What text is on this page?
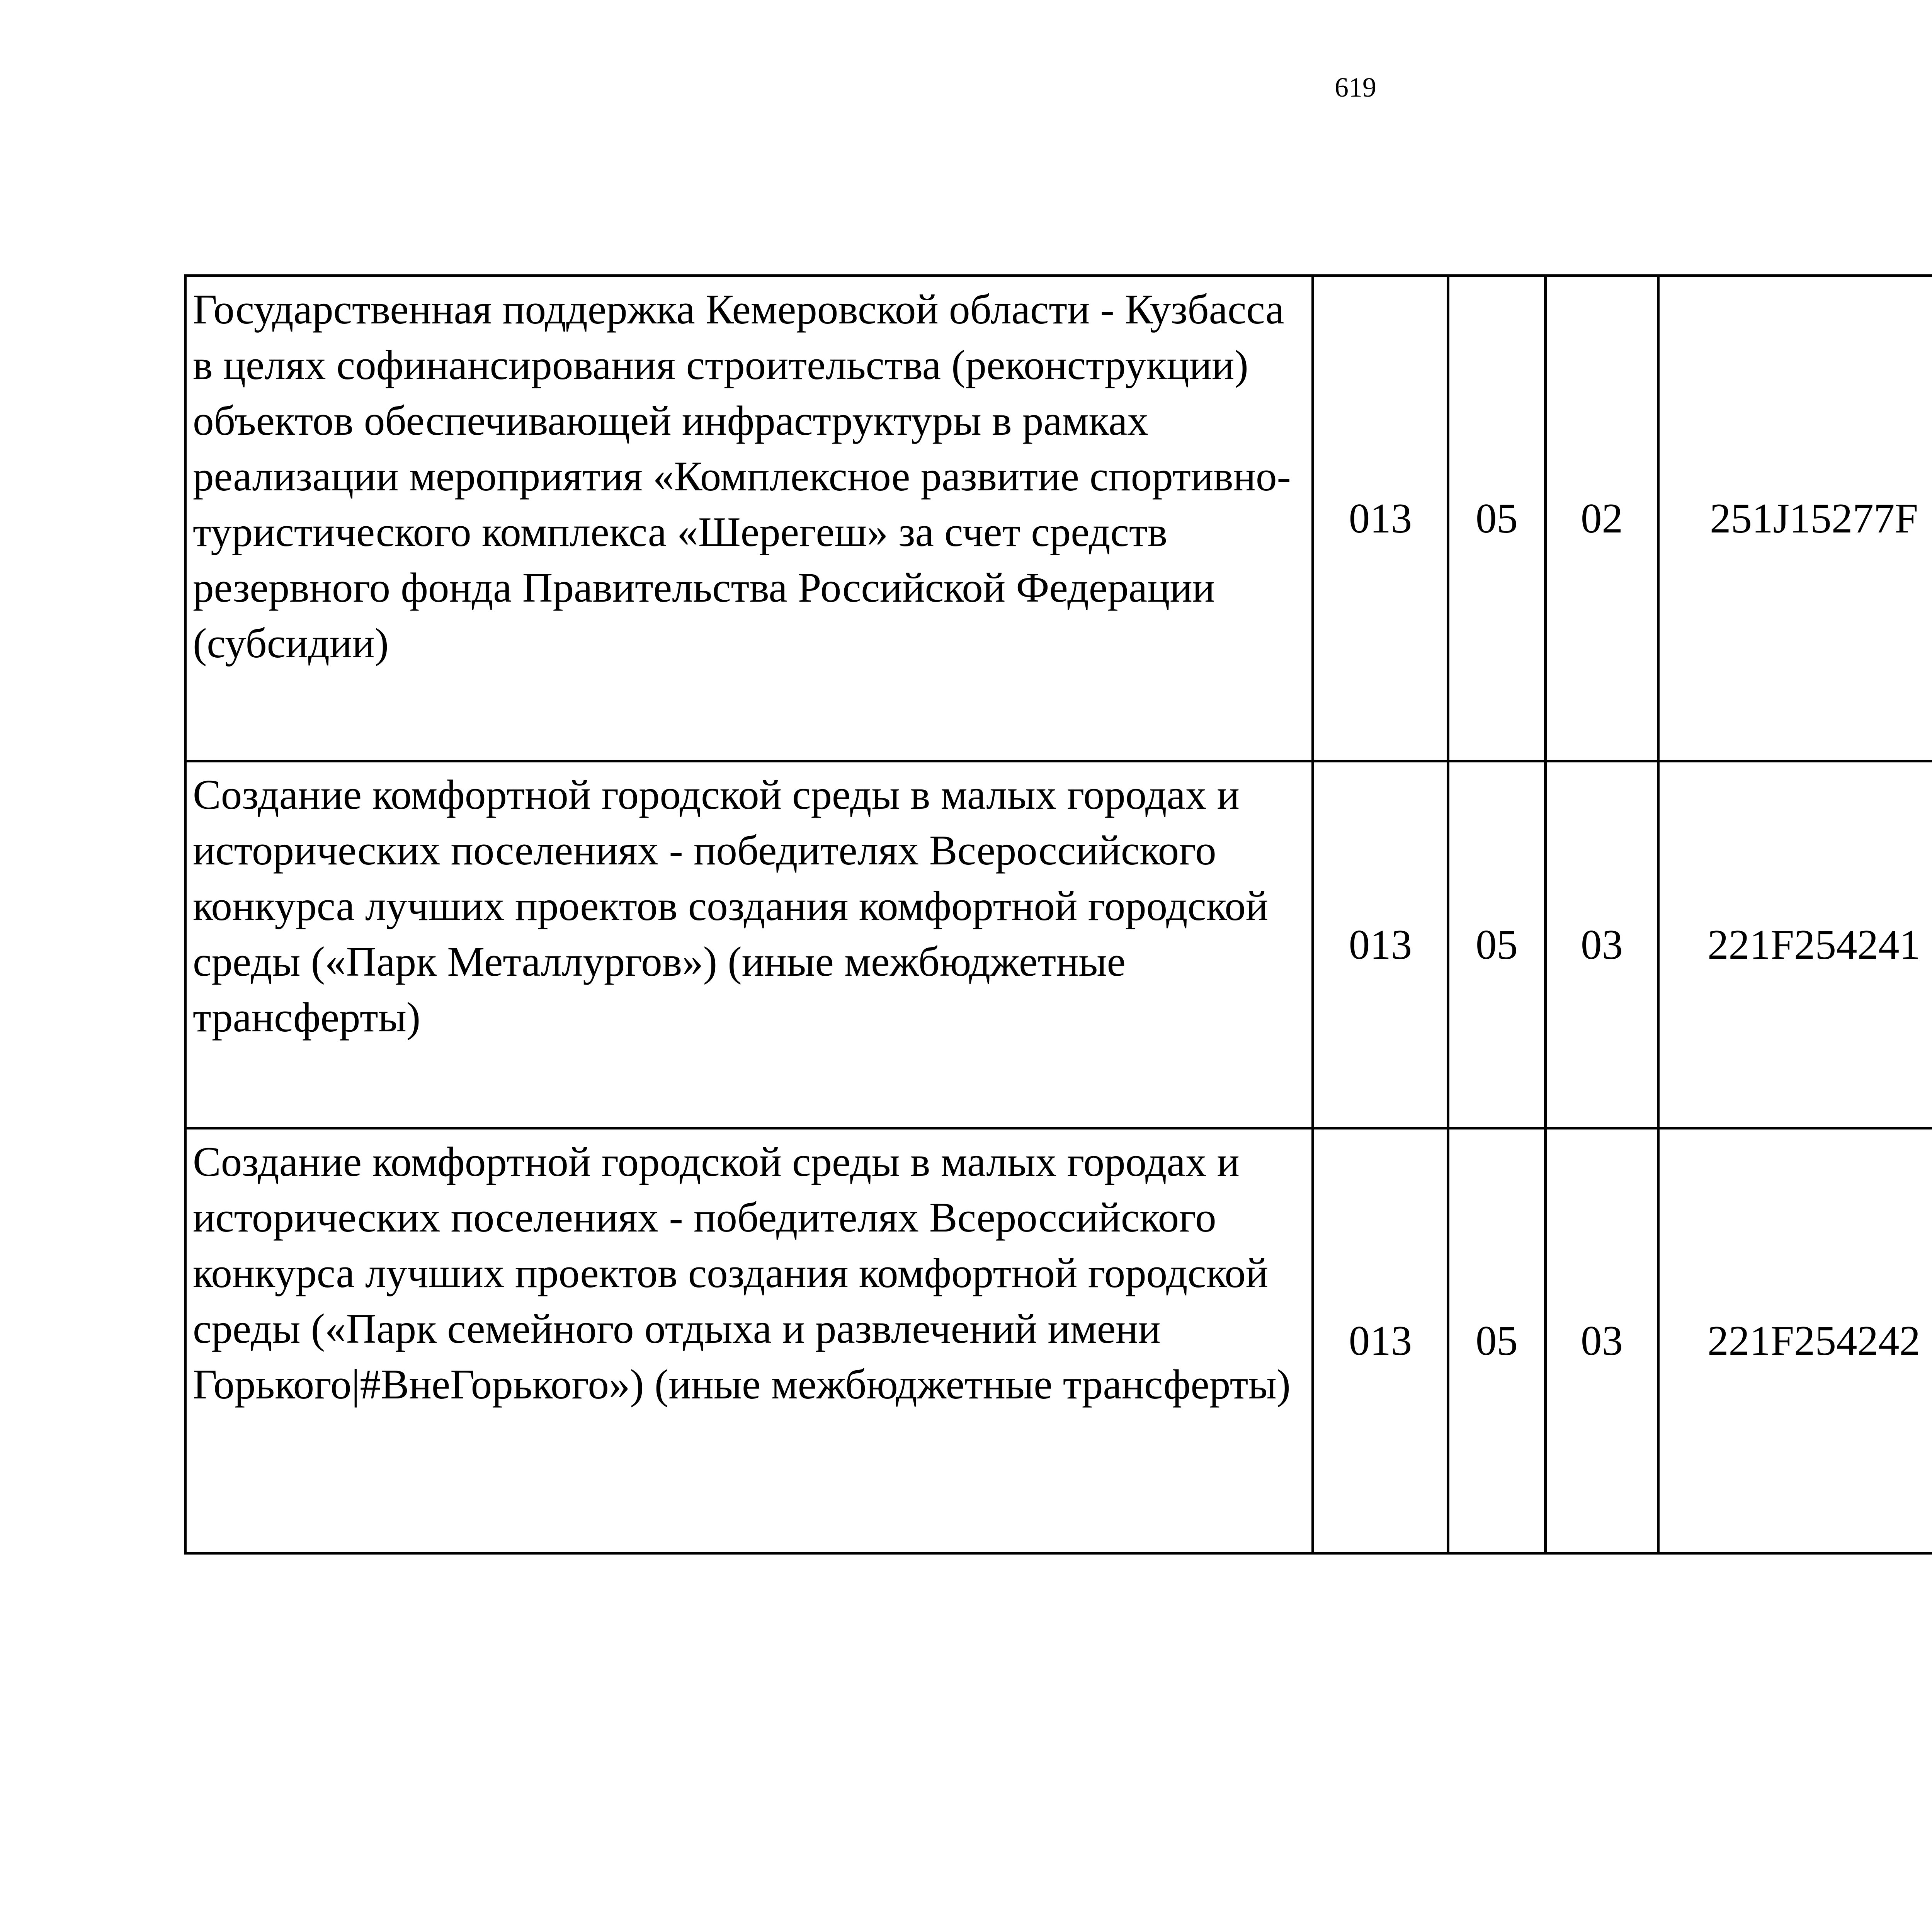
619
Государственная поддержка Кемеровской области - Кузбасса в целях софинансирования строительства (реконструкции) объектов обеспечивающей инфраструктуры в рамках реализации мероприятия «Комплексное развитие спортивно-туристического комплекса «Шерегеш» за счет средств резервного фонда Правительства Российской Федерации (субсидии)	013	05	02	251J15277F		
Создание комфортной городской среды в малых городах и исторических поселениях - победителях Всероссийского конкурса лучших проектов создания комфортной городской среды («Парк Металлургов») (иные межбюджетные трансферты)	013	05	03	221F254241		
Создание комфортной городской среды в малых городах и исторических поселениях - победителях Всероссийского конкурса лучших проектов создания комфортной городской среды («Парк семейного отдыха и развлечений имени Горького|#ВнеГорького») (иные межбюджетные трансферты)	013	05	03	221F254242		
